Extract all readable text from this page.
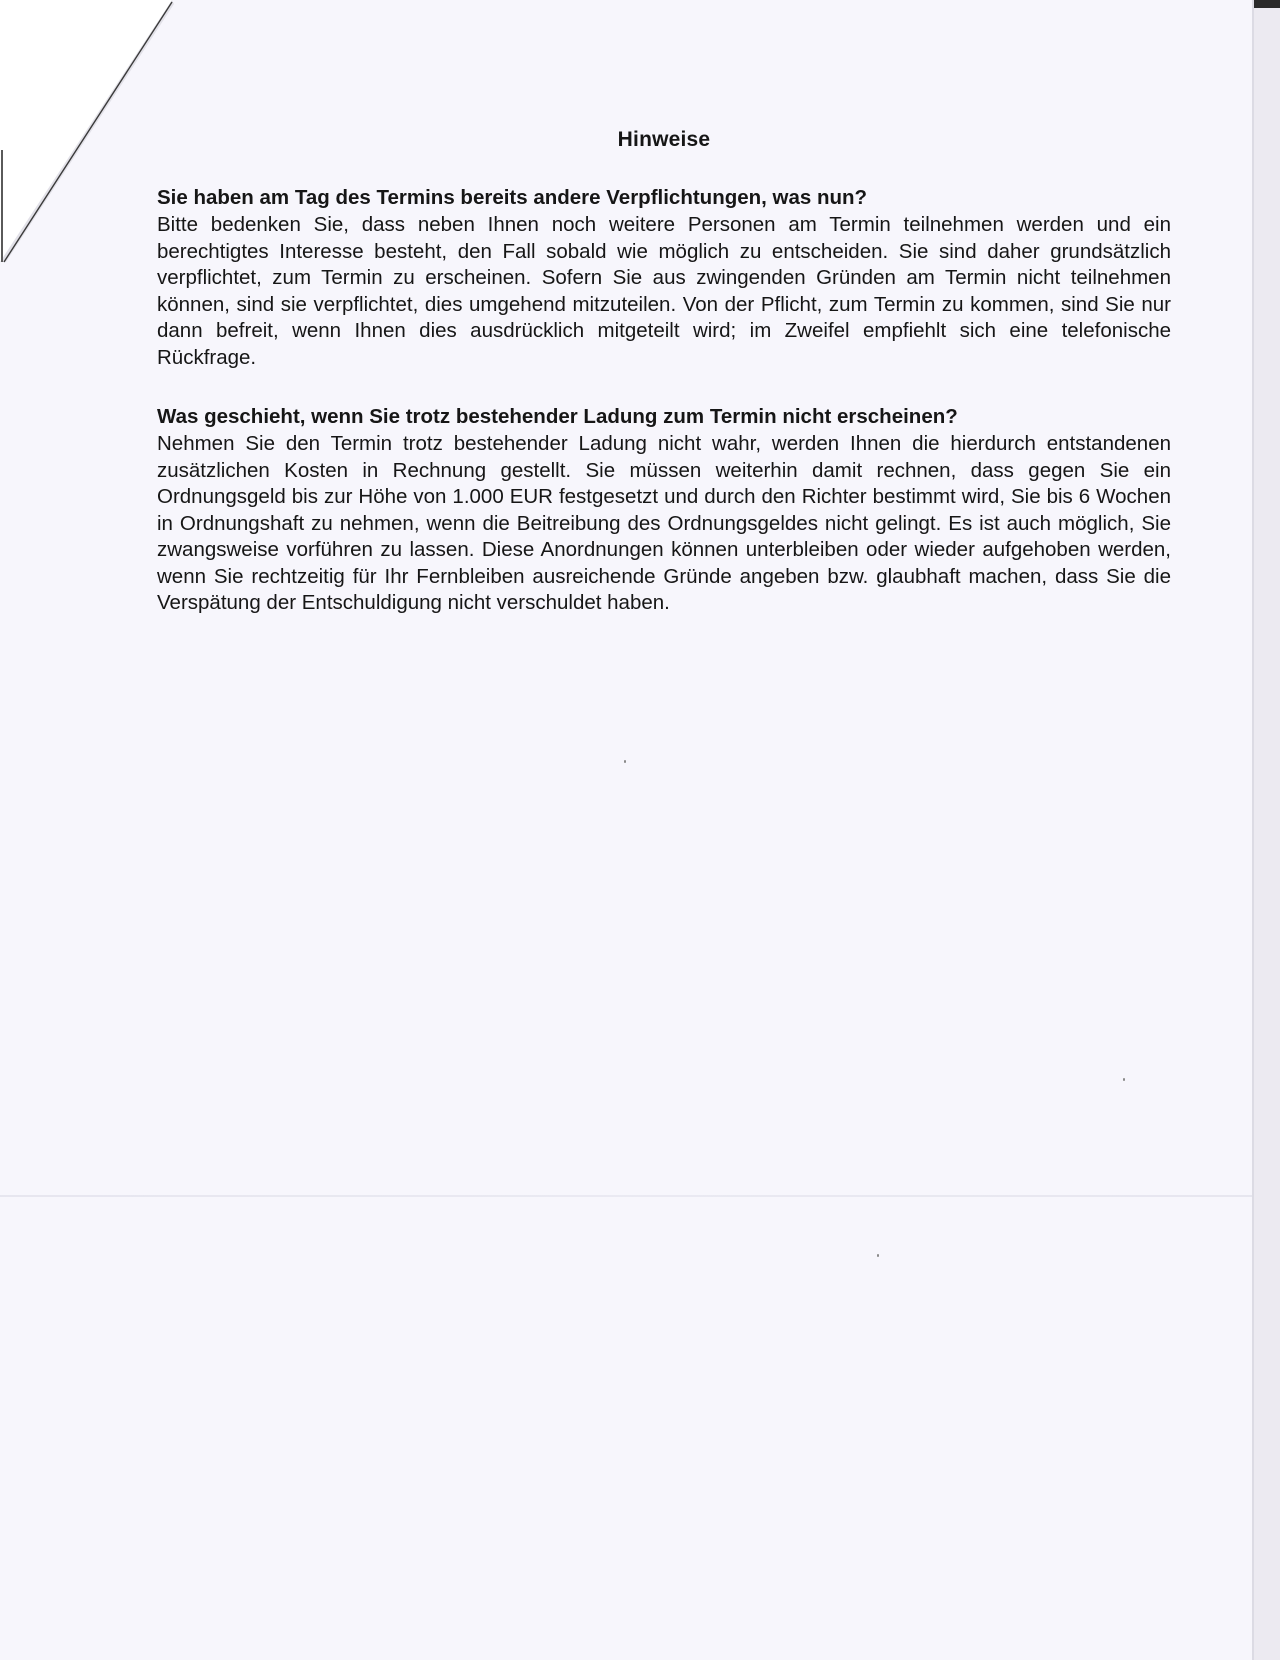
Hinweise
Sie haben am Tag des Termins bereits andere Verpflichtungen, was nun?

Bitte bedenken Sie, dass neben Ihnen noch weitere Personen am Termin teilnehmen werden und ein berechtigtes Interesse besteht, den Fall sobald wie möglich zu entscheiden. Sie sind daher grundsätzlich verpflichtet, zum Termin zu erscheinen. Sofern Sie aus zwingenden Gründen am Termin nicht teilnehmen können, sind sie verpflichtet, dies umgehend mitzuteilen. Von der Pflicht, zum Termin zu kommen, sind Sie nur dann befreit, wenn Ihnen dies ausdrücklich mitgeteilt wird; im Zweifel empfiehlt sich eine telefonische Rückfrage.

Was geschieht, wenn Sie trotz bestehender Ladung zum Termin nicht erscheinen?

Nehmen Sie den Termin trotz bestehender Ladung nicht wahr, werden Ihnen die hierdurch entstandenen zusätzlichen Kosten in Rechnung gestellt. Sie müssen weiterhin damit rechnen, dass gegen Sie ein Ordnungsgeld bis zur Höhe von 1.000 EUR festgesetzt und durch den Richter bestimmt wird, Sie bis 6 Wochen in Ordnungshaft zu nehmen, wenn die Beitreibung des Ordnungsgeldes nicht gelingt. Es ist auch möglich, Sie zwangsweise vorführen zu lassen. Diese Anordnungen können unterbleiben oder wieder aufgehoben werden, wenn Sie rechtzeitig für Ihr Fernbleiben ausreichende Gründe angeben bzw. glaubhaft machen, dass Sie die Verspätung der Entschuldigung nicht verschuldet haben.
